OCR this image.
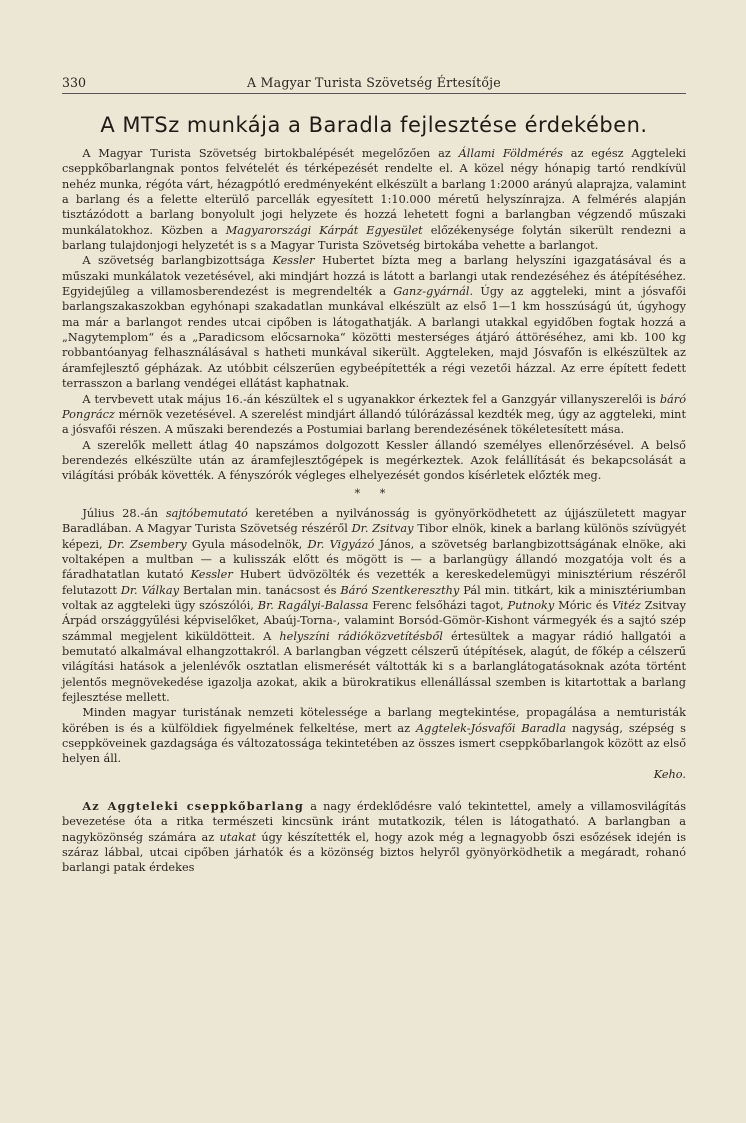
330	A Magyar Turista Szövetség Értesítője
A MTSz munkája a Baradla fejlesztése érdekében.

A Magyar Turista Szövetség birtokbalépését megelőzően az Állami Földmérés az egész Aggteleki cseppkőbarlangnak pontos felvételét és térképezését rendelte el. A közel négy hónapig tartó rendkívül nehéz munka, régóta várt, hézagpótló eredményeként elkészült a barlang 1:2000 arányú alaprajza, valamint a barlang és a felette elterülő parcellák egyesített 1:10.000 méretű helyszínrajza. A felmérés alapján tisztázódott a barlang bonyolult jogi helyzete és hozzá lehetett fogni a barlangban végzendő műszaki munkálatokhoz. Közben a Magyarországi Kárpát Egyesület előzékenysége folytán sikerült rendezni a barlang tulajdonjogi helyzetét is s a Magyar Turista Szövetség birtokába vehette a barlangot.

A szövetség barlangbizottsága Kessler Hubertet bízta meg a barlang helyszíni igazgatásával és a műszaki munkálatok vezetésével, aki mindjárt hozzá is látott a barlangi utak rendezéséhez és átépítéséhez. Egyidejűleg a villamosberendezést is megrendelték a Ganz-gyárnál. Úgy az aggteleki, mint a jósvafői barlangszakaszokban egyhónapi szakadatlan munkával elkészült az első 1—1 km hosszúságú út, úgyhogy ma már a barlangot rendes utcai cipőben is látogathatják. A barlangi utakkal egyidőben fogtak hozzá a „Nagytemplom“ és a „Paradicsom előcsarnoka“ közötti mesterséges átjáró áttöréséhez, ami kb. 100 kg robbantóanyag felhasználásával s hatheti munkával sikerült. Aggteleken, majd Jósvafőn is elkészültek az áramfejlesztő gépházak. Az utóbbit célszerűen egybeépítették a régi vezetői házzal. Az erre épített fedett terrasszon a barlang vendégei ellátást kaphatnak.

A tervbevett utak május 16.-án készültek el s ugyanakkor érkeztek fel a Ganzgyár villanyszerelői is báró Pongrácz mérnök vezetésével. A szerelést mindjárt állandó túlórázással kezdték meg, úgy az aggteleki, mint a jósvafői részen. A műszaki berendezés a Postumiai barlang berendezésének tökéletesített mása.

A szerelők mellett átlag 40 napszámos dolgozott Kessler állandó személyes ellenőrzésével. A belső berendezés elkészülte után az áramfejlesztőgépek is megérkeztek. Azok felállítását és bekapcsolását a világítási próbák követték. A fényszórók végleges elhelyezését gondos kísérletek előzték meg.

* *

Július 28.-án sajtóbemutató keretében a nyilvánosság is gyönyörködhetett az újjászületett magyar Baradlában. A Magyar Turista Szövetség részéről Dr. Zsitvay Tibor elnök, kinek a barlang különös szívügyét képezi, Dr. Zsembery Gyula másodelnök, Dr. Vigyázó János, a szövetség barlangbizottságának elnöke, aki voltaképen a multban — a kulisszák előtt és mögött is — a barlangügy állandó mozgatója volt és a fáradhatatlan kutató Kessler Hubert üdvözölték és vezették a kereskedelemügyi minisztérium részéről felutazott Dr. Válkay Bertalan min. tanácsost és Báró Szentkereszthy Pál min. titkárt, kik a minisztériumban voltak az aggteleki ügy szószólói, Br. Ragályi-Balassa Ferenc felsőházi tagot, Putnoky Móric és Vitéz Zsitvay Árpád országgyűlési képviselőket, Abaúj-Torna-, valamint Borsód-Gömör-Kishont vármegyék és a sajtó szép számmal megjelent kiküldötteit. A helyszíni rádióközvetítésből értesültek a magyar rádió hallgatói a bemutató alkalmával elhangzottakról. A barlangban végzett célszerű útépítések, alagút, de főkép a célszerű világítási hatások a jelenlévők osztatlan elismerését váltották ki s a barlanglátogatásoknak azóta történt jelentős megnövekedése igazolja azokat, akik a bürokratikus ellenállással szemben is kitartottak a barlang fejlesztése mellett.

Minden magyar turistának nemzeti kötelessége a barlang megtekintése, propagálása a nemturisták körében is és a külföldiek figyelmének felkeltése, mert az Aggtelek-Jósvafői Baradla nagyság, szépség s cseppköveinek gazdagsága és változatossága tekintetében az összes ismert cseppkőbarlangok között az első helyen áll.

Keho.

Az Aggteleki cseppkőbarlang a nagy érdeklődésre való tekintettel, amely a villamosvilágítás bevezetése óta a ritka természeti kincsünk iránt mutatkozik, télen is látogatható. A barlangban a nagyközönség számára az utakat úgy készítették el, hogy azok még a legnagyobb őszi esőzések idején is száraz lábbal, utcai cipőben járhatók és a közönség biztos helyről gyönyörködhetik a megáradt, rohanó barlangi patak érdekes
